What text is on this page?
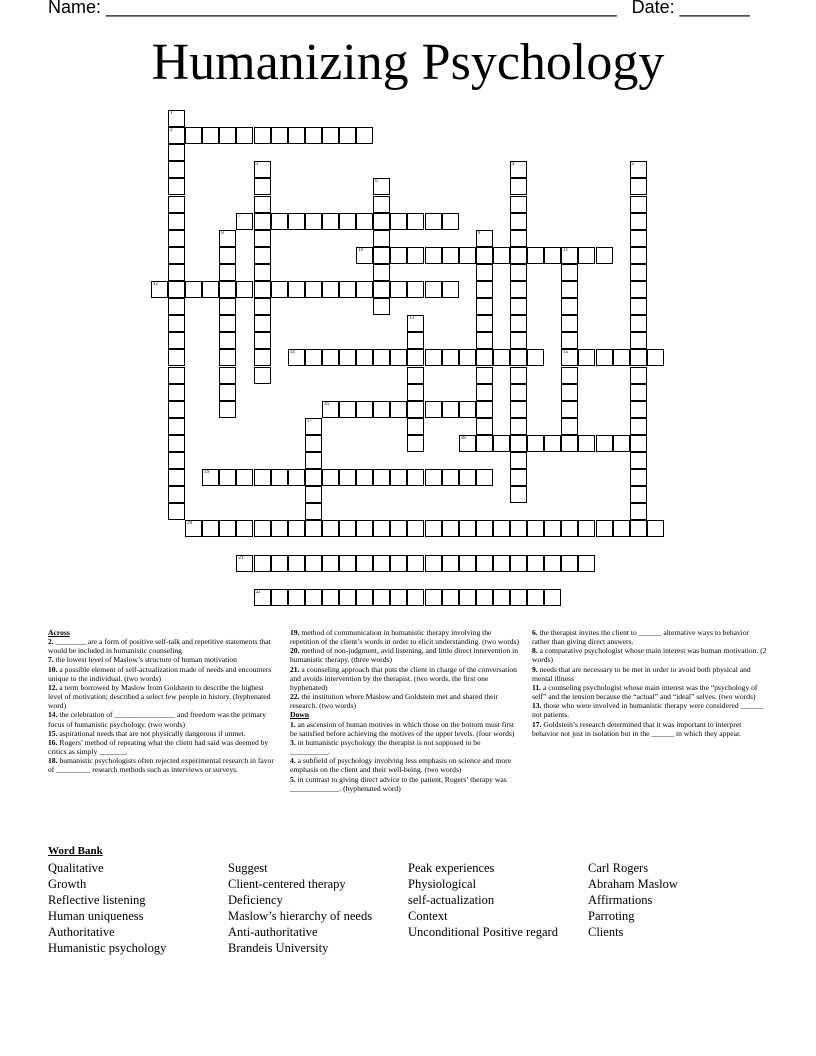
Name: ___________________________________________________ Date: _______
Humanizing Psychology
1
2
3	4	5
6
7
8	9
10	11
15
12
13
14
16
17
18
19
20
21
22
Across
2. ________ are a form of positive self-talk and repetitive statements that would be included in humanistic counseling
7. the lowest level of Maslow’s structure of human motivation
10. a possible element of self-actualization made of needs and encounters unique to the individual. (two words)
12. a term borrowed by Maslow from Goldstein to describe the highest level of motivation; described a select few people in history. (hyphenated word)
14. the celebration of ________________ and freedom was the primary focus of humanistic psychology. (two words)
15. aspirational needs that are not physically dangerous if unmet.
16. Rogers’ method of repeating what the client had said was deemed by critics as simply _______.
18. humanistic psychologists often rejected experimental research in favor of _________ research methods such as interviews or surveys.
19. method of communication in humanistic therapy involving the repetition of the client’s words in order to elicit understanding. (two words)
20. method of non-judgment, avid listening, and little direct intervention in humanistic therapy. (three words)
21. a counseling approach that puts the client in charge of the conversation and avoids intervention by the therapist. (two words, the first one hyphenated)
22. the institution where Maslow and Goldstein met and shared their research. (two words)
Down
1. an ascension of human motives in which those on the bottom must first be satisfied before achieving the motives of the upper levels. (four words)
3. in humanistic psychology the therapist is not supposed to be __________.
4. a subfield of psychology involving less emphasis on science and more emphasis on the client and their well-being. (two words)
5. in contrast to giving direct advice to the patient, Rogers’ therapy was _____________. (hyphenated word)
6. the therapist invites the client to ______ alternative ways to behavior rather than giving direct answers.
8. a comparative psychologist whose main interest was human motivation. (2 words)
9. needs that are necessary to be met in order to avoid both physical and mental illness
11. a counseling psychologist whose main interest was the “psychology of self” and the tension because the “actual” and “ideal” selves. (two words)
13. those who were involved in humanistic therapy were considered ______ not patients.
17. Goldstein’s research determined that it was important to interpret behavior not just in isolation but in the ______ in which they appear.
Word Bank
Qualitative
Growth
Reflective listening
Human uniqueness
Authoritative
Humanistic psychology
Suggest
Client-centered therapy
Deficiency
Maslow’s hierarchy of needs
Anti-authoritative
Brandeis University
Peak experiences
Physiological
self-actualization
Context
Unconditional Positive regard
Carl Rogers
Abraham Maslow
Affirmations
Parroting
Clients
